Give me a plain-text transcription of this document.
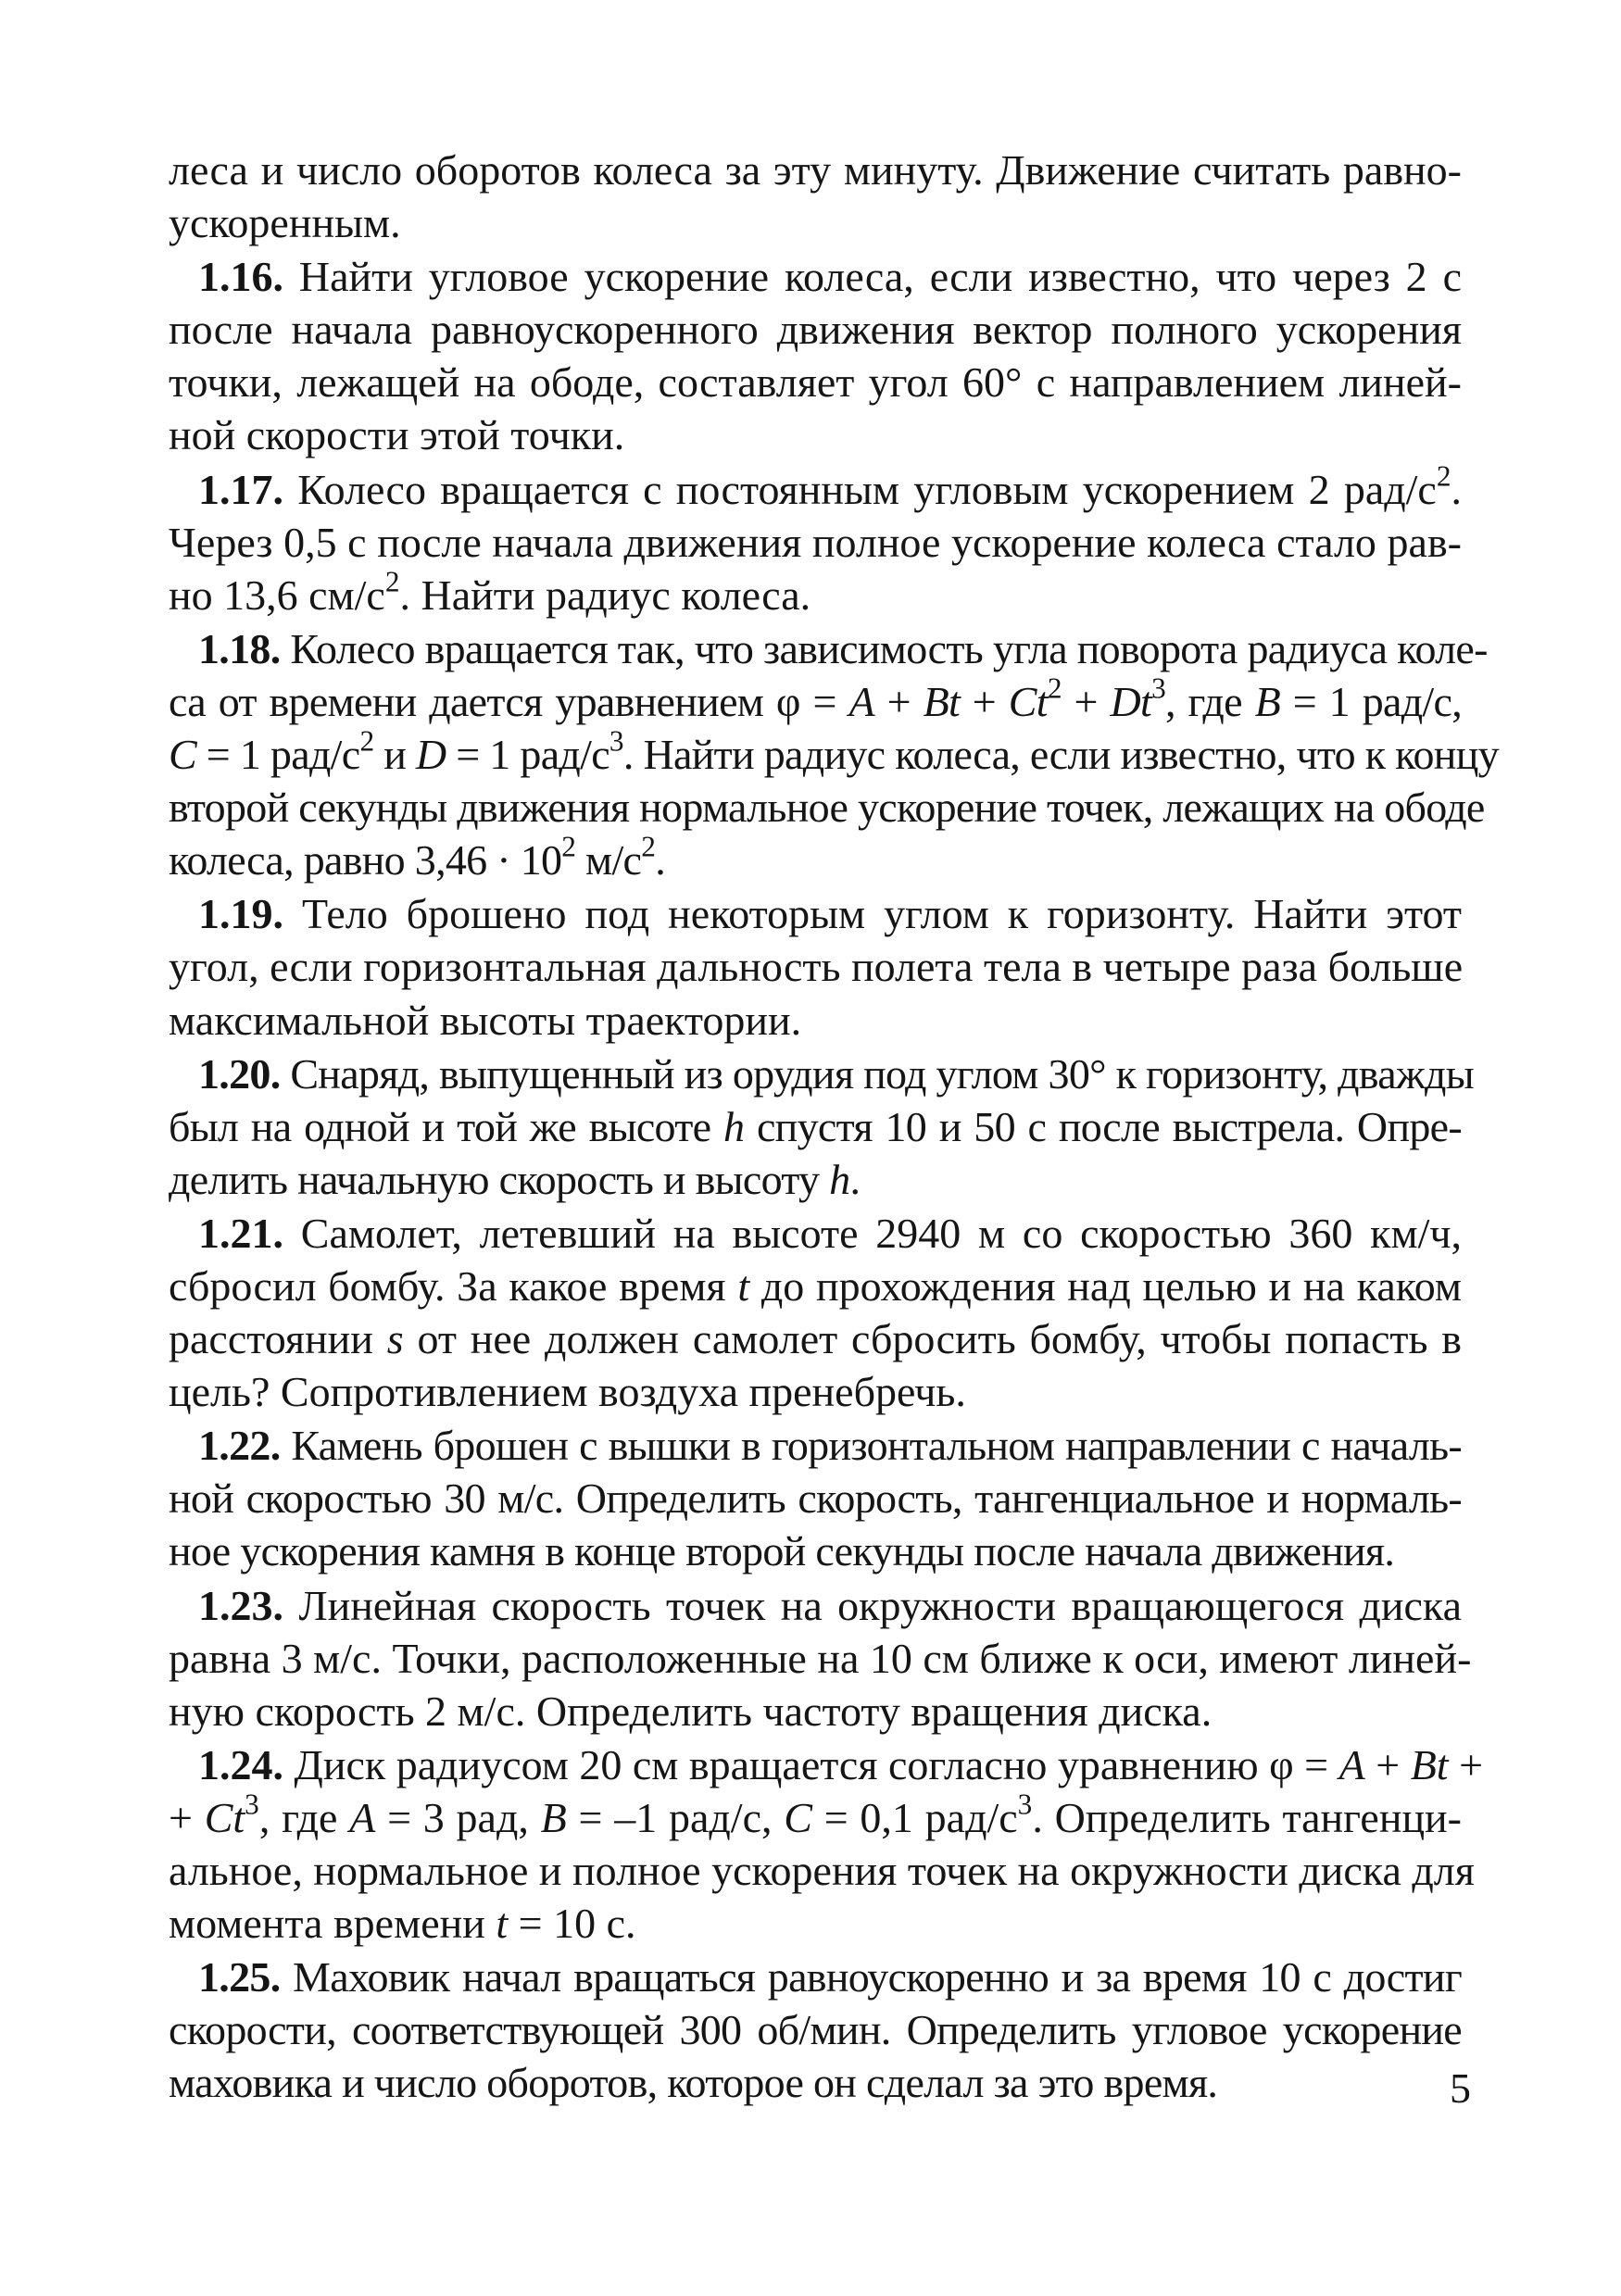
леса и число оборотов колеса за эту минуту. Движение считать равно-
ускоренным.
1.16. Найти угловое ускорение колеса, если известно, что через 2 с
после начала равноускоренного движения вектор полного ускорения
точки, лежащей на ободе, составляет угол 60° с направлением линей-
ной скорости этой точки.
1.17. Колесо вращается с постоянным угловым ускорением 2 рад/$с^2$.
Через 0,5 с после начала движения полное ускорение колеса стало рав-
но 13,6 $см/с^2$. Найти радиус колеса.
1.18. Колесо вращается так, что зависимость угла поворота радиуса коле-
са от времени дается уравнением $\varphi = A + Bt + Ct^2 + Dt^3$, где B = 1 рад/с,
C = 1 рад/$с^2$ и D = 1 рад/$с^3$. Найти радиус колеса, если известно, что к концу
второй секунды движения нормальное ускорение точек, лежащих на ободе
колеса, равно $3,46 \cdot 10^2$ $м/с^2$.
1.19. Тело брошено под некоторым углом к горизонту. Найти этот
угол, если горизонтальная дальность полета тела в четыре раза больше
максимальной высоты траектории.
1.20. Снаряд, выпущенный из орудия под углом 30° к горизонту, дважды
был на одной и той же высоте h спустя 10 и 50 с после выстрела. Опре-
делить начальную скорость и высоту h.
1.21. Самолет, летевший на высоте 2940 м со скоростью 360 км/ч,
сбросил бомбу. За какое время t до прохождения над целью и на каком
расстоянии s от нее должен самолет сбросить бомбу, чтобы попасть в
цель? Сопротивлением воздуха пренебречь.
1.22. Камень брошен с вышки в горизонтальном направлении с началь-
ной скоростью 30 м/с. Определить скорость, тангенциальное и нормаль-
ное ускорения камня в конце второй секунды после начала движения.
1.23. Линейная скорость точек на окружности вращающегося диска
равна 3 м/с. Точки, расположенные на 10 см ближе к оси, имеют линей-
ную скорость 2 м/с. Определить частоту вращения диска.
1.24. Диск радиусом 20 см вращается согласно уравнению φ = A + Bt +
+ $Ct^3$, где A = 3 рад, B = –1 рад/с, C = 0,1 рад/$с^3$. Определить тангенци-
альное, нормальное и полное ускорения точек на окружности диска для
момента времени t = 10 с.
1.25. Маховик начал вращаться равноускоренно и за время 10 с достиг
скорости, соответствующей 300 об/мин. Определить угловое ускорение
маховика и число оборотов, которое он сделал за это время.	5
